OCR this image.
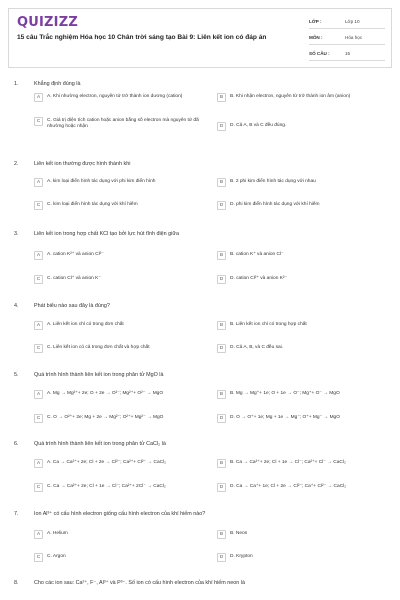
QUIZIZZ
15 câu Trắc nghiệm Hóa học 10 Chân trời sáng tạo Bài 9: Liên kết ion có đáp án
LỚP :	Lớp 10
MÔN :	Hóa học
SỐ CÂU :	15
1.	Khẳng định đúng là
A	A. Khi nhường electron, nguyên tử trở thành ion dương (cation)	B	B. Khi nhận electron, nguyên tử trở thành ion âm (anion)
C	C. Giá trị điện tích cation hoặc anion bằng số electron mà nguyên tử đã nhường hoặc nhận	D	D. Cả A, B và C đều đúng.
2.	Liên kết ion thường được hình thành khi
A	A. kim loại điển hình tác dụng với phi kim điển hình	B	B. 2 phi kim điển hình tác dụng với nhau
C	C. kim loại điển hình tác dụng với khí hiếm	D	D. phi kim điển hình tác dụng với khí hiếm
3.	Liên kết ion trong hợp chất KCl tạo bởi lực hút tĩnh điện giữa
A	A. cation K²⁺ và anion Cl²⁻	B	B. cation K⁺ và anion Cl⁻
C	C. cation Cl⁺ và anion K⁻	D	D. cation Cl²⁺ và anion K²⁻
4.	Phát biểu nào sau đây là đúng?
A	A. Liên kết ion chỉ có trong đơn chất	B	B. Liên kết ion chỉ có trong hợp chất
C	C. Liên kết ion có cả trong đơn chất và hợp chất	D	D. Cả A, B, và C đều sai.
5.	Quá trình hình thành liên kết ion trong phân tử MgO là
A	A. Mg → Mg²⁺+ 2e; O + 2e → O²⁻; Mg²⁺+ O²⁻ → MgO	B	B. Mg → Mg⁺+ 1e; O + 1e → O⁻; Mg⁺+ O⁻ → MgO
C	C. O → O²⁺+ 2e; Mg + 2e → Mg²⁻; O²⁺+ Mg²⁻ → MgO	D	D. O → O⁺+ 1e; Mg + 1e → Mg⁻; O⁺+ Mg⁻ → MgO
6.	Quá trình hình thành liên kết ion trong phân tử CaCl₂ là
A	A. Ca → Ca²⁺+ 2e; Cl + 2e → Cl²⁻; Ca²⁺+ Cl²⁻ → CaCl₂	B	B. Ca → Ca²⁺+ 2e; Cl + 1e → Cl⁻; Ca²⁺+ Cl⁻ → CaCl₂
C	C. Ca → Ca²⁺+ 2e; Cl + 1e → Cl⁻; Ca²⁺+ 2Cl⁻ → CaCl₂	D	D. Ca → Ca⁺+ 1e; Cl + 2e → Cl²⁻; Ca⁺+ Cl²⁻ → CaCl₂
7.	Ion Al³⁺ có cấu hình electron giống cấu hình electron của khí hiếm nào?
A	A. Helium	B	B. Neon
C	C. Argon	D	D. Krypton
8.	Cho các ion sau: Ca²⁺, F⁻, Al³⁺ và P³⁻. Số ion có cấu hình electron của khí hiếm neon là
